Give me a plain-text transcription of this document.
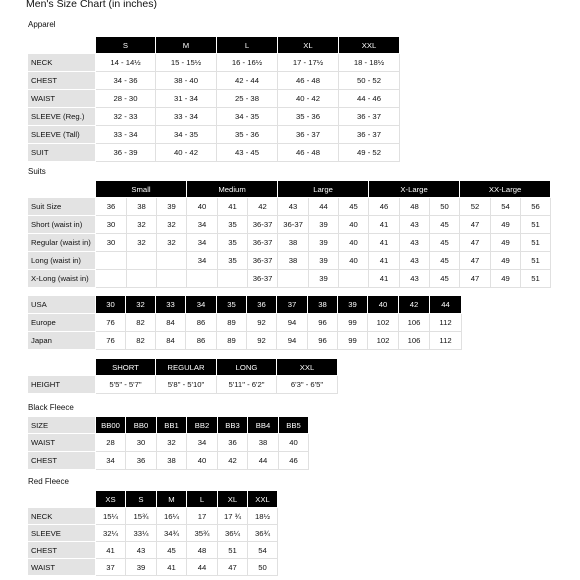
Men's Size Chart (in inches)
Apparel
	S	M	L	XL	XXL
NECK	14 - 14½	15 - 15½	16 - 16½	17 - 17½	18 - 18½
CHEST	34 - 36	38 - 40	42 - 44	46 - 48	50 - 52
WAIST	28 - 30	31 - 34	25 - 38	40 - 42	44 - 46
SLEEVE (Reg.)	32 - 33	33 - 34	34 - 35	35 - 36	36 - 37
SLEEVE (Tall)	33 - 34	34 - 35	35 - 36	36 - 37	36 - 37
SUIT	36 - 39	40 - 42	43 - 45	46 - 48	49 - 52
Suits
	Small			Medium			Large			X-Large			XX-Large		
Suit Size	36	38	39	40	41	42	43	44	45	46	48	50	52	54	56
Short (waist in)	30	32	32	34	35	36-37	36-37	39	40	41	43	45	47	49	51
Regular (waist in)	30	32	32	34	35	36-37	38	39	40	41	43	45	47	49	51
Long (waist in)				34	35	36-37	38	39	40	41	43	45	47	49	51
X-Long (waist in)						36-37		39		41	43	45	47	49	51
USA	30	32	33	34	35	36	37	38	39	40	42	44
Europe	76	82	84	86	89	92	94	96	99	102	106	112
Japan	76	82	84	86	89	92	94	96	99	102	106	112
	SHORT	REGULAR	LONG	XXL
HEIGHT	5'5" - 5'7"	5'8" - 5'10"	5'11" - 6'2"	6'3" - 6'5"
Black Fleece
SIZE	BB00	BB0	BB1	BB2	BB3	BB4	BB5
WAIST	28	30	32	34	36	38	40
CHEST	34	36	38	40	42	44	46
Red Fleece
	XS	S	M	L	XL	XXL
NECK	15¼	15¾	16¼	17	17 ¾	18½
SLEEVE	32¼	33¼	34¾	35¾	36¼	36¾
CHEST	41	43	45	48	51	54
WAIST	37	39	41	44	47	50
